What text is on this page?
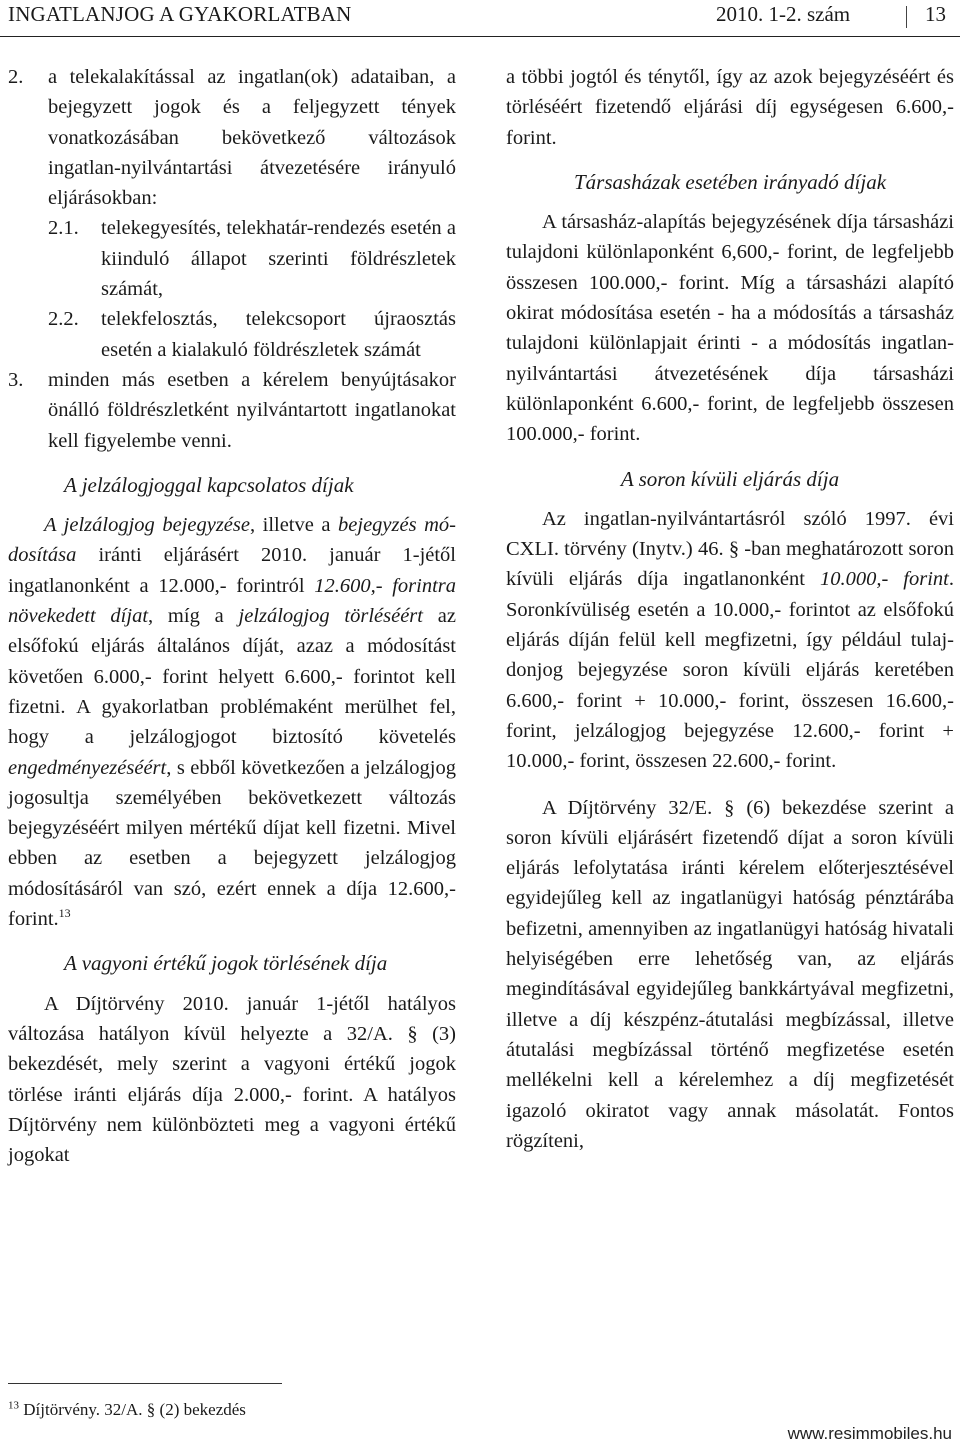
INGATLANJOG A GYAKORLATBAN	2010. 1-2. szám	13
2. a telekalakítással az ingatlan(ok) adataiban, a bejegyzett jogok és a feljegyzett tények vonatkozásában bekövetkező változások ingatlan-nyilvántartási átvezetésére irányuló eljárásokban:
2.1. telekegyesítés, telekhatár-rendezés esetén a kiinduló állapot szerinti földrészletek számát,
2.2. telekfelosztás, telekcsoport újraosztás esetén a kialakuló földrészletek számát
3. minden más esetben a kérelem benyújtásakor önálló földrészletként nyilvántartott ingatlanokat kell figyelembe venni.
A jelzálogjoggal kapcsolatos díjak

A jelzálogjog bejegyzése, illetve a bejegyzés módosítása iránti eljárásért 2010. január 1-jétől ingatlanonként a 12.000,- forintról 12.600,- forintra növekedett díjat, míg a jelzálogjog törléséért az elsőfokú eljárás általános díját, azaz a módosítást követően 6.000,- forint helyett 6.600,- forintot kell fizetni. A gyakorlatban problémaként merülhet fel, hogy a jelzálogjogot biztosító követelés engedményezéséért, s ebből következően a jelzálogjog jogosultja személyében bekövetkezett változás bejegyzéséért milyen mértékű díjat kell fizetni. Mivel ebben az esetben a bejegyzett jelzálogjog módosításáról van szó, ezért ennek a díja 12.600,- forint.$^{13}$

A vagyoni értékű jogok törlésének díja

A Díjtörvény 2010. január 1-jétől hatályos változása hatályon kívül helyezte a 32/A. § (3) bekezdését, mely szerint a vagyoni értékű jogok törlése iránti eljárás díja 2.000,- forint. A hatályos Díjtörvény nem különbözteti meg a vagyoni értékű jogokat

a többi jogtól és ténytől, így az azok bejegyzéséért és törléséért fizetendő eljárási díj egységesen 6.600,- forint.

Társasházak esetében irányadó díjak

A társasház-alapítás bejegyzésének díja társasházi tulajdoni különlaponként 6,600,- forint, de legfeljebb összesen 100.000,- forint. Míg a társasházi alapító okirat módosítása esetén - ha a módosítás a társasház tulajdoni különlapjait érinti - a módosítás ingatlan-nyilvántartási átvezetésének díja társasházi különlaponként 6.600,- forint, de legfeljebb összesen 100.000,- forint.

A soron kívüli eljárás díja

Az ingatlan-nyilvántartásról szóló 1997. évi CXLI. törvény (Inytv.) 46. § -ban meghatározott soron kívüli eljárás díja ingatlanonként 10.000,- forint. Soronkívüliség esetén a 10.000,- forintot az elsőfokú eljárás díján felül kell megfizetni, így például tulajdonjog bejegyzése soron kívüli eljárás keretében 6.600,- forint + 10.000,- forint, összesen 16.600,- forint, jelzálogjog bejegyzése 12.600,- forint + 10.000,- forint, összesen 22.600,- forint.

A Díjtörvény 32/E. § (6) bekezdése szerint a soron kívüli eljárásért fizetendő díjat a soron kívüli eljárás lefolytatása iránti kérelem előterjesztésével egyidejűleg kell az ingatlanügyi hatóság pénztárába befizetni, amennyiben az ingatlanügyi hatóság hivatali helyiségében erre lehetőség van, az eljárás megindításával egyidejűleg bankkártyával megfizetni, illetve a díj készpénz-átutalási megbízással, illetve átutalási megbízással történő megfizetése esetén mellékelni kell a kérelemhez a díj megfizetését igazoló okiratot vagy annak másolatát. Fontos rögzíteni,

$^{13}$ Díjtörvény. 32/A. § (2) bekezdés
www.resimmobiles.hu
